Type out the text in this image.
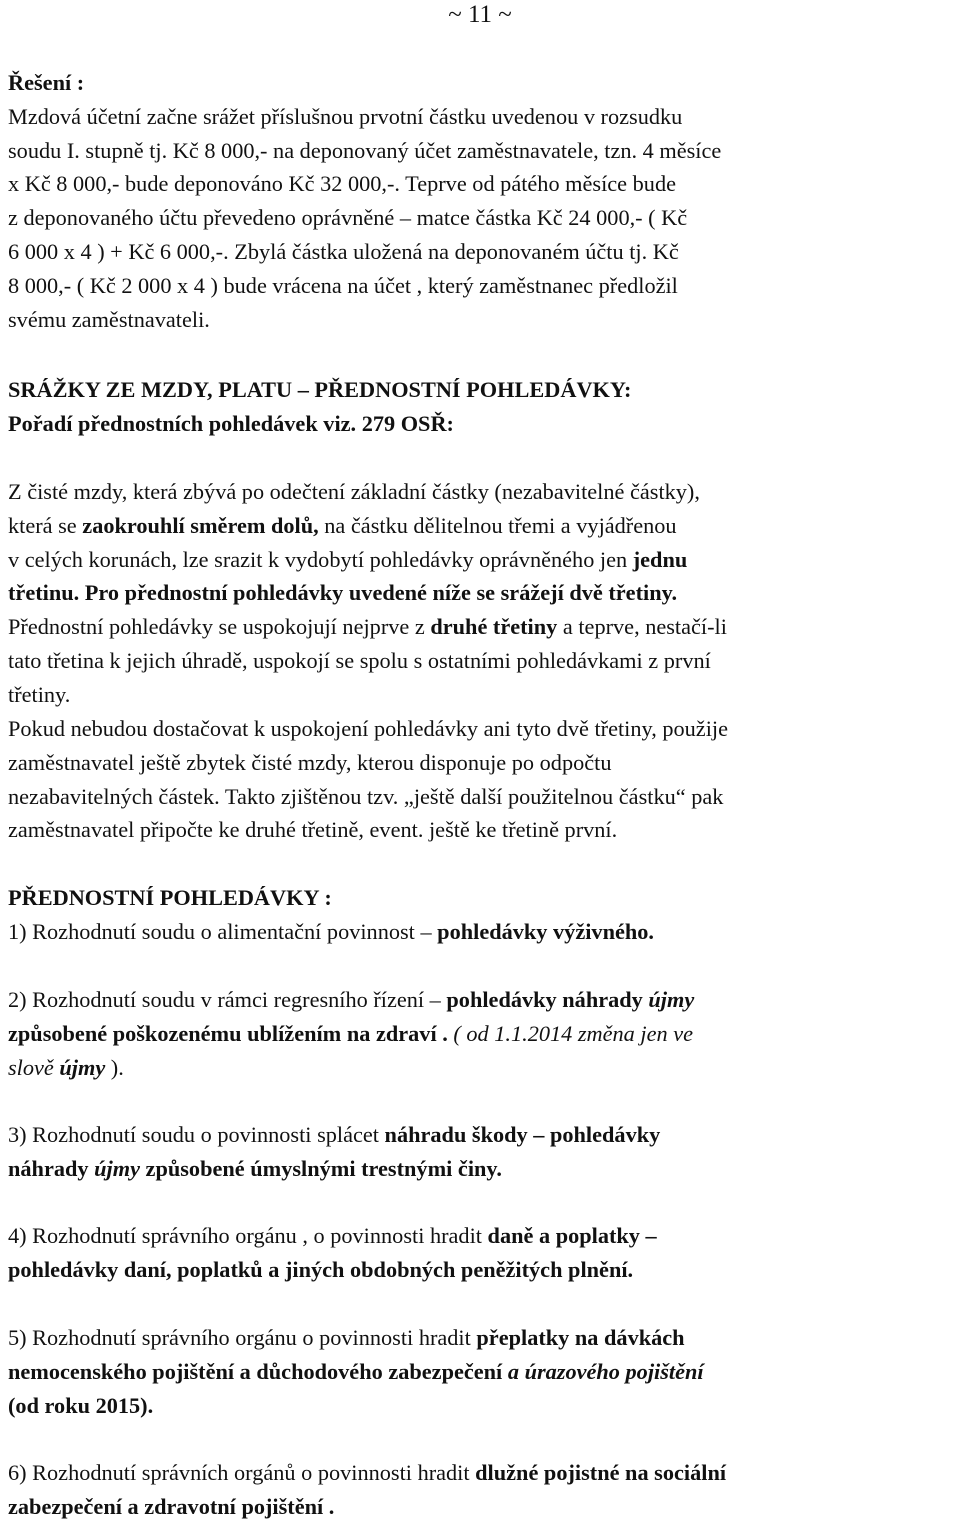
~ 11 ~
Řešení :
Mzdová účetní začne srážet příslušnou prvotní částku uvedenou v rozsudku
soudu I. stupně tj. Kč 8 000,- na deponovaný účet zaměstnavatele, tzn. 4 měsíce
x Kč 8 000,- bude deponováno Kč 32 000,-. Teprve od pátého měsíce bude
z deponovaného účtu převedeno oprávněné – matce částka Kč 24 000,- ( Kč
6 000 x 4 ) + Kč 6 000,-. Zbylá částka uložená na deponovaném účtu tj. Kč
8 000,- ( Kč 2 000 x 4 ) bude vrácena na účet , který zaměstnanec předložil
svému zaměstnavateli.
SRÁŽKY ZE MZDY, PLATU – PŘEDNOSTNÍ POHLEDÁVKY:
Pořadí přednostních pohledávek viz. 279 OSŘ:
Z čisté mzdy, která zbývá po odečtení základní částky (nezabavitelné částky),
která se zaokrouhlí směrem dolů, na částku dělitelnou třemi a vyjádřenou
v celých korunách, lze srazit k vydobytí pohledávky oprávněného jen jednu
třetinu. Pro přednostní pohledávky uvedené níže se srážejí dvě třetiny.
Přednostní pohledávky se uspokojují nejprve z druhé třetiny a teprve, nestačí-li
tato třetina k jejich úhradě, uspokojí se spolu s ostatními pohledávkami z první
třetiny.
Pokud nebudou dostačovat k uspokojení pohledávky ani tyto dvě třetiny, použije
zaměstnavatel ještě zbytek čisté mzdy, kterou disponuje po odpočtu
nezabavitelných částek. Takto zjištěnou tzv. „ještě další použitelnou částku“ pak
zaměstnavatel připočte ke druhé třetině, event. ještě ke třetině první.
PŘEDNOSTNÍ POHLEDÁVKY :
1) Rozhodnutí soudu o alimentační povinnost – pohledávky výživného.
2) Rozhodnutí soudu v rámci regresního řízení – pohledávky náhrady újmy
způsobené poškozenému ublížením na zdraví . ( od 1.1.2014 změna jen ve
slově újmy ).
3) Rozhodnutí soudu o povinnosti splácet náhradu škody – pohledávky
náhrady újmy způsobené úmyslnými trestnými činy.
4) Rozhodnutí správního orgánu , o povinnosti hradit daně a poplatky –
pohledávky daní, poplatků a jiných obdobných peněžitých plnění.
5) Rozhodnutí správního orgánu o povinnosti hradit přeplatky na dávkách
nemocenského pojištění a důchodového zabezpečení a úrazového pojištění
(od roku 2015).
6) Rozhodnutí správních orgánů o povinnosti hradit dlužné pojistné na sociální
zabezpečení a zdravotní pojištění .
